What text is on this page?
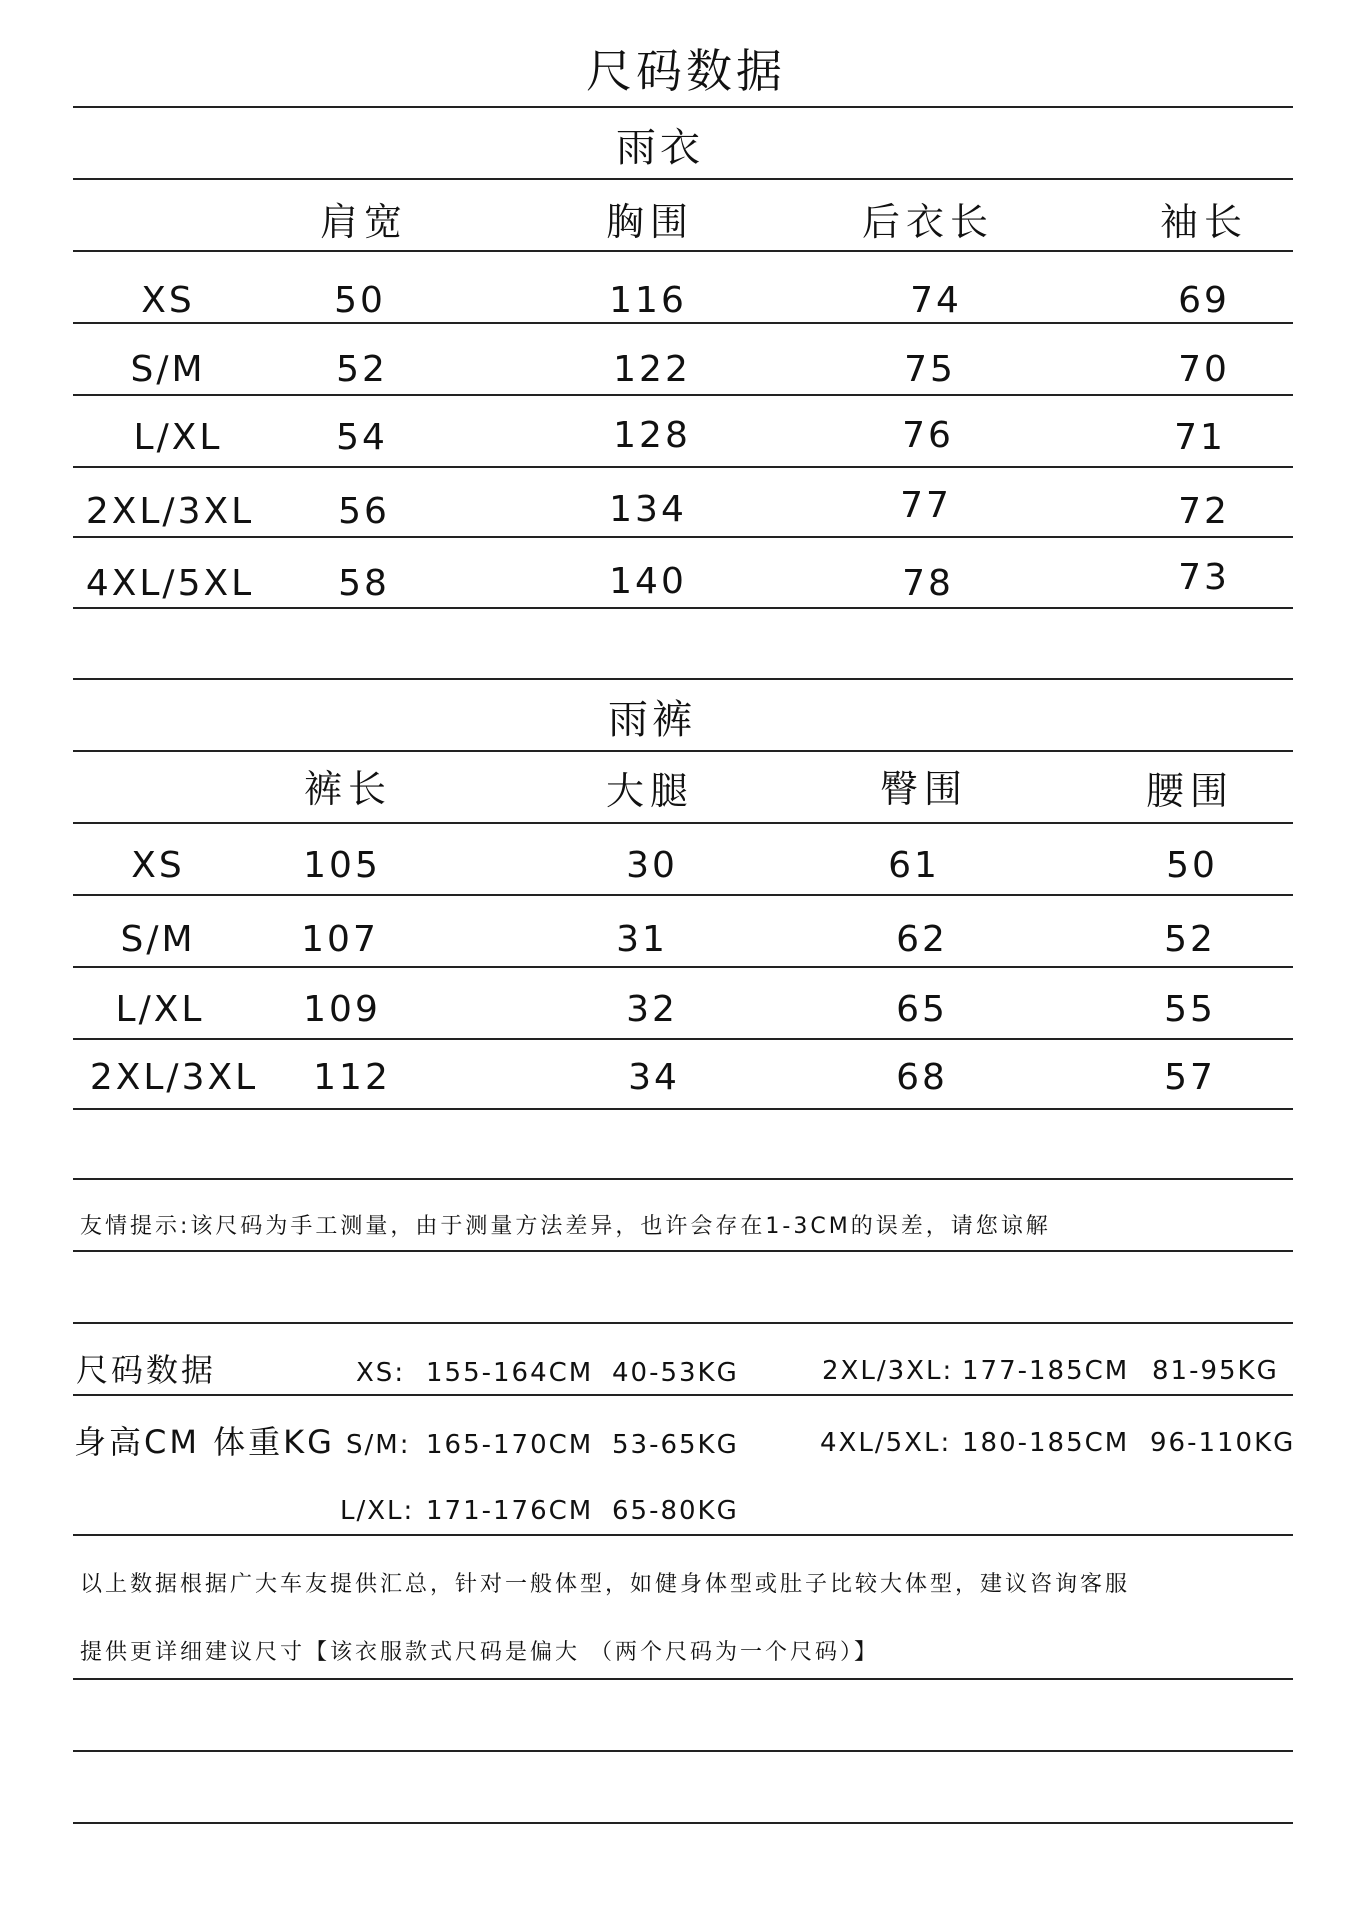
尺码数据
雨衣
肩宽	胸围	后衣长	袖长
XS	50	116	74	69
S/M	52	122	75	70
L/XL	54	128	76	71
2XL/3XL 56	134	77	72
4XL/5XL 58	140	78	73
雨裤
裤长	大腿	臀围	腰围
XS	105	30	61	50
S/M	107	31	62	52
L/XL	109	32	65	55
2XL/3XL 112	34	68	57
友情提示:该尺码为手工测量，由于测量方法差异，也许会存在1-3CM的误差，请您谅解
尺码数据	XS: 155-164CM 40-53KG	2XL/3XL: 177-185CM 81-95KG
身高CM 体重KG S/M: 165-170CM 53-65KG	4XL/5XL: 180-185CM 96-110KG
L/XL: 171-176CM 65-80KG
以上数据根据广大车友提供汇总，针对一般体型，如健身体型或肚子比较大体型，建议咨询客服
提供更详细建议尺寸【该衣服款式尺码是偏大 （两个尺码为一个尺码）】
